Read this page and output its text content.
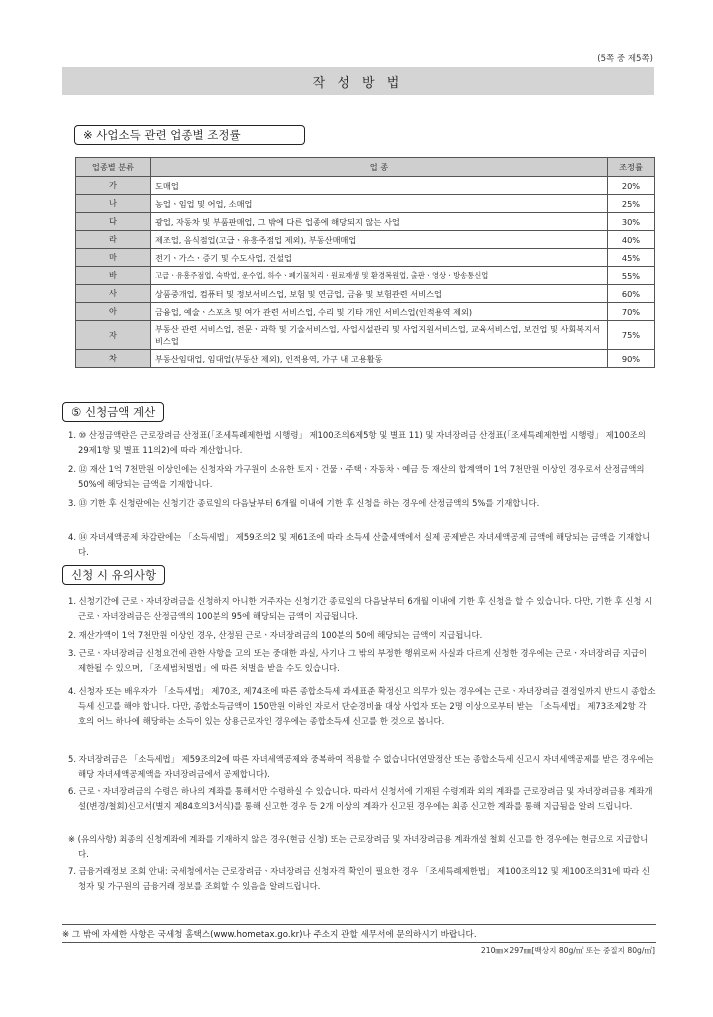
(5쪽 중 제5쪽)
작 성 방 법
※ 사업소득 관련 업종별 조정률
업종별 분류	업 종	조정률
가	도매업	20%
나	농업ㆍ임업 및 어업, 소매업	25%
다	광업, 자동차 및 부품판매업, 그 밖에 다른 업종에 해당되지 않는 사업	30%
라	제조업, 음식점업(고급ㆍ유흥주점업 제외), 부동산매매업	40%
마	전기ㆍ가스ㆍ증기 및 수도사업, 건설업	45%
바	고급ㆍ유흥주점업, 숙박업, 운수업, 하수ㆍ폐기물처리ㆍ원료재생 및 환경복원업, 출판ㆍ영상ㆍ방송통신업	55%
사	상품중개업, 컴퓨터 및 정보서비스업, 보험 및 연금업, 금융 및 보험관련 서비스업	60%
아	금융업, 예술ㆍ스포츠 및 여가 관련 서비스업, 수리 및 기타 개인 서비스업(인적용역 제외)	70%
자	부동산 관련 서비스업, 전문ㆍ과학 및 기술서비스업, 사업시설관리 및 사업지원서비스업, 교육서비스업, 보건업 및 사회복지서비스업	75%
차	부동산임대업, 임대업(부동산 제외), 인적용역, 가구 내 고용활동	90%
⑤ 신청금액 계산
1. ⑩ 산정금액란은 근로장려금 산정표(「조세특례제한법 시행령」 제100조의6제5항 및 별표 11) 및 자녀장려금 산정표(「조세특례제한법 시행령」 제100조의29제1항 및 별표 11의2)에 따라 계산합니다.
2. ⑫ 재산 1억 7천만원 이상인에는 신청자와 가구원이 소유한 토지ㆍ건물ㆍ주택ㆍ자동차ㆍ예금 등 재산의 합계액이 1억 7천만원 이상인 경우로서 산정금액의 50%에 해당되는 금액을 기재합니다.
3. ⑬ 기한 후 신청란에는 신청기간 종료일의 다음날부터 6개월 이내에 기한 후 신청을 하는 경우에 산정금액의 5%를 기재합니다.
4. ⑭ 자녀세액공제 차감란에는 「소득세법」 제59조의2 및 제61조에 따라 소득세 산출세액에서 실제 공제받은 자녀세액공제 금액에 해당되는 금액을 기재합니다.
신청 시 유의사항
1. 신청기간에 근로ㆍ자녀장려금을 신청하지 아니한 거주자는 신청기간 종료일의 다음날부터 6개월 이내에 기한 후 신청을 할 수 있습니다. 다만, 기한 후 신청 시 근로ㆍ자녀장려금은 산정금액의 100분의 95에 해당되는 금액이 지급됩니다.
2. 재산가액이 1억 7천만원 이상인 경우, 산정된 근로ㆍ자녀장려금의 100분의 50에 해당되는 금액이 지급됩니다.
3. 근로ㆍ자녀장려금 신청요건에 관한 사항을 고의 또는 중대한 과실, 사기나 그 밖의 부정한 행위로써 사실과 다르게 신청한 경우에는 근로ㆍ자녀장려금 지급이 제한될 수 있으며, 「조세범처벌법」에 따른 처벌을 받을 수도 있습니다.
4. 신청자 또는 배우자가 「소득세법」 제70조, 제74조에 따른 종합소득세 과세표준 확정신고 의무가 있는 경우에는 근로ㆍ자녀장려금 결정일까지 반드시 종합소득세 신고를 해야 합니다. 다만, 종합소득금액이 150만원 이하인 자로서 단순경비율 대상 사업자 또는 2명 이상으로부터 받는 「소득세법」 제73조제2항 각 호의 어느 하나에 해당하는 소득이 있는 상용근로자인 경우에는 종합소득세 신고를 한 것으로 봅니다.
5. 자녀장려금은 「소득세법」 제59조의2에 따른 자녀세액공제와 중복하여 적용할 수 없습니다(연말정산 또는 종합소득세 신고시 자녀세액공제를 받은 경우에는 해당 자녀세액공제액을 자녀장려금에서 공제합니다).
6. 근로ㆍ자녀장려금의 수령은 하나의 계좌를 통해서만 수령하실 수 있습니다. 따라서 신청서에 기재된 수령계좌 외의 계좌를 근로장려금 및 자녀장려금용 계좌개설(변경/철회)신고서(별지 제84호의3서식)를 통해 신고한 경우 등 2개 이상의 계좌가 신고된 경우에는 최종 신고한 계좌를 통해 지급됨을 알려 드립니다.
※ (유의사항) 최종의 신청계좌에 계좌를 기재하지 않은 경우(현금 신청) 또는 근로장려금 및 자녀장려금용 계좌개설 철회 신고를 한 경우에는 현금으로 지급합니다.
7. 금융거래정보 조회 안내: 국세청에서는 근로장려금ㆍ자녀장려금 신청자격 확인이 필요한 경우 「조세특례제한법」 제100조의12 및 제100조의31에 따라 신청자 및 가구원의 금융거래 정보를 조회할 수 있음을 알려드립니다.
※ 그 밖에 자세한 사항은 국세청 홈택스(www.hometax.go.kr)나 주소지 관할 세무서에 문의하시기 바랍니다.
210㎜×297㎜[백상지 80g/㎡ 또는 중질지 80g/㎡]
